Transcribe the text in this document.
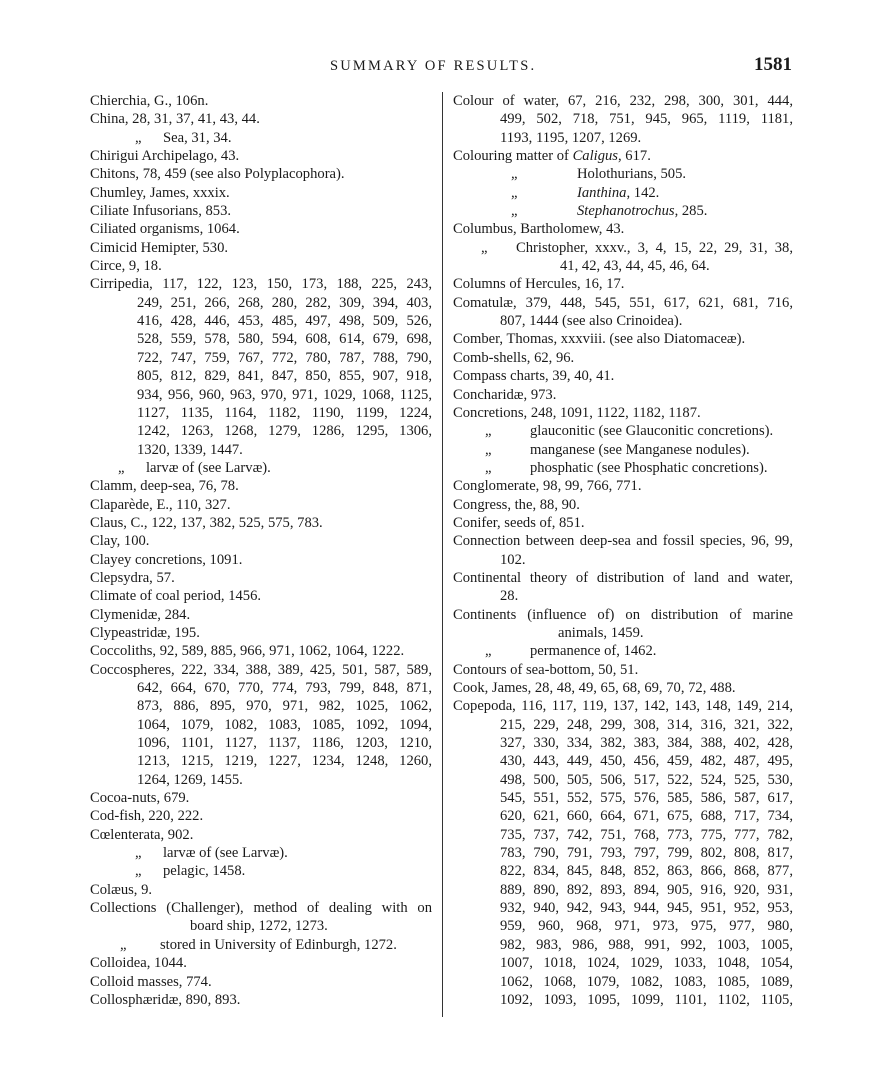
SUMMARY OF RESULTS.	1581
Chierchia, G., 106n.
China, 28, 31, 37, 41, 43, 44.
„ Sea, 31, 34.
Chirigui Archipelago, 43.
Chitons, 78, 459 (see also Polyplacophora).
Chumley, James, xxxix.
Ciliate Infusorians, 853.
Ciliated organisms, 1064.
Cimicid Hemipter, 530.
Circe, 9, 18.
Cirripedia, 117, 122, 123, 150, 173, 188, 225, 243,
249, 251, 266, 268, 280, 282, 309, 394, 403,
416, 428, 446, 453, 485, 497, 498, 509, 526,
528, 559, 578, 580, 594, 608, 614, 679, 698,
722, 747, 759, 767, 772, 780, 787, 788, 790,
805, 812, 829, 841, 847, 850, 855, 907, 918,
934, 956, 960, 963, 970, 971, 1029, 1068, 1125,
1127, 1135, 1164, 1182, 1190, 1199, 1224,
1242, 1263, 1268, 1279, 1286, 1295, 1306,
1320, 1339, 1447.
„ larvæ of (see Larvæ).
Clamm, deep-sea, 76, 78.
Claparède, E., 110, 327.
Claus, C., 122, 137, 382, 525, 575, 783.
Clay, 100.
Clayey concretions, 1091.
Clepsydra, 57.
Climate of coal period, 1456.
Clymenidæ, 284.
Clypeastridæ, 195.
Coccoliths, 92, 589, 885, 966, 971, 1062, 1064, 1222.
Coccospheres, 222, 334, 388, 389, 425, 501, 587, 589,
642, 664, 670, 770, 774, 793, 799, 848, 871,
873, 886, 895, 970, 971, 982, 1025, 1062,
1064, 1079, 1082, 1083, 1085, 1092, 1094,
1096, 1101, 1127, 1137, 1186, 1203, 1210,
1213, 1215, 1219, 1227, 1234, 1248, 1260,
1264, 1269, 1455.
Cocoa-nuts, 679.
Cod-fish, 220, 222.
Cœlenterata, 902.
„ larvæ of (see Larvæ).
„ pelagic, 1458.
Colæus, 9.
Collections (Challenger), method of dealing with on
board ship, 1272, 1273.
„ stored in University of Edinburgh, 1272.
Colloidea, 1044.
Colloid masses, 774.
Collosphæridæ, 890, 893.
Colour of water, 67, 216, 232, 298, 300, 301, 444,
499, 502, 718, 751, 945, 965, 1119, 1181,
1193, 1195, 1207, 1269.
Colouring matter of Caligus, 617.
„	Holothurians, 505.
„	Ianthina, 142.
„	Stephanotrochus, 285.
Columbus, Bartholomew, 43.
„	Christopher, xxxv., 3, 4, 15, 22, 29, 31, 38,
41, 42, 43, 44, 45, 46, 64.
Columns of Hercules, 16, 17.
Comatulæ, 379, 448, 545, 551, 617, 621, 681, 716,
807, 1444 (see also Crinoidea).
Comber, Thomas, xxxviii. (see also Diatomaceæ).
Comb-shells, 62, 96.
Compass charts, 39, 40, 41.
Concharidæ, 973.
Concretions, 248, 1091, 1122, 1182, 1187.
„	glauconitic (see Glauconitic concretions).
„	manganese (see Manganese nodules).
„	phosphatic (see Phosphatic concretions).
Conglomerate, 98, 99, 766, 771.
Congress, the, 88, 90.
Conifer, seeds of, 851.
Connection between deep-sea and fossil species, 96, 99,
102.
Continental theory of distribution of land and water,
28.
Continents (influence of) on distribution of marine
animals, 1459.
„	permanence of, 1462.
Contours of sea-bottom, 50, 51.
Cook, James, 28, 48, 49, 65, 68, 69, 70, 72, 488.
Copepoda, 116, 117, 119, 137, 142, 143, 148, 149, 214,
215, 229, 248, 299, 308, 314, 316, 321, 322,
327, 330, 334, 382, 383, 384, 388, 402, 428,
430, 443, 449, 450, 456, 459, 482, 487, 495,
498, 500, 505, 506, 517, 522, 524, 525, 530,
545, 551, 552, 575, 576, 585, 586, 587, 617,
620, 621, 660, 664, 671, 675, 688, 717, 734,
735, 737, 742, 751, 768, 773, 775, 777, 782,
783, 790, 791, 793, 797, 799, 802, 808, 817,
822, 834, 845, 848, 852, 863, 866, 868, 877,
889, 890, 892, 893, 894, 905, 916, 920, 931,
932, 940, 942, 943, 944, 945, 951, 952, 953,
959, 960, 968, 971, 973, 975, 977, 980,
982, 983, 986, 988, 991, 992, 1003, 1005,
1007, 1018, 1024, 1029, 1033, 1048, 1054,
1062, 1068, 1079, 1082, 1083, 1085, 1089,
1092, 1093, 1095, 1099, 1101, 1102, 1105,
